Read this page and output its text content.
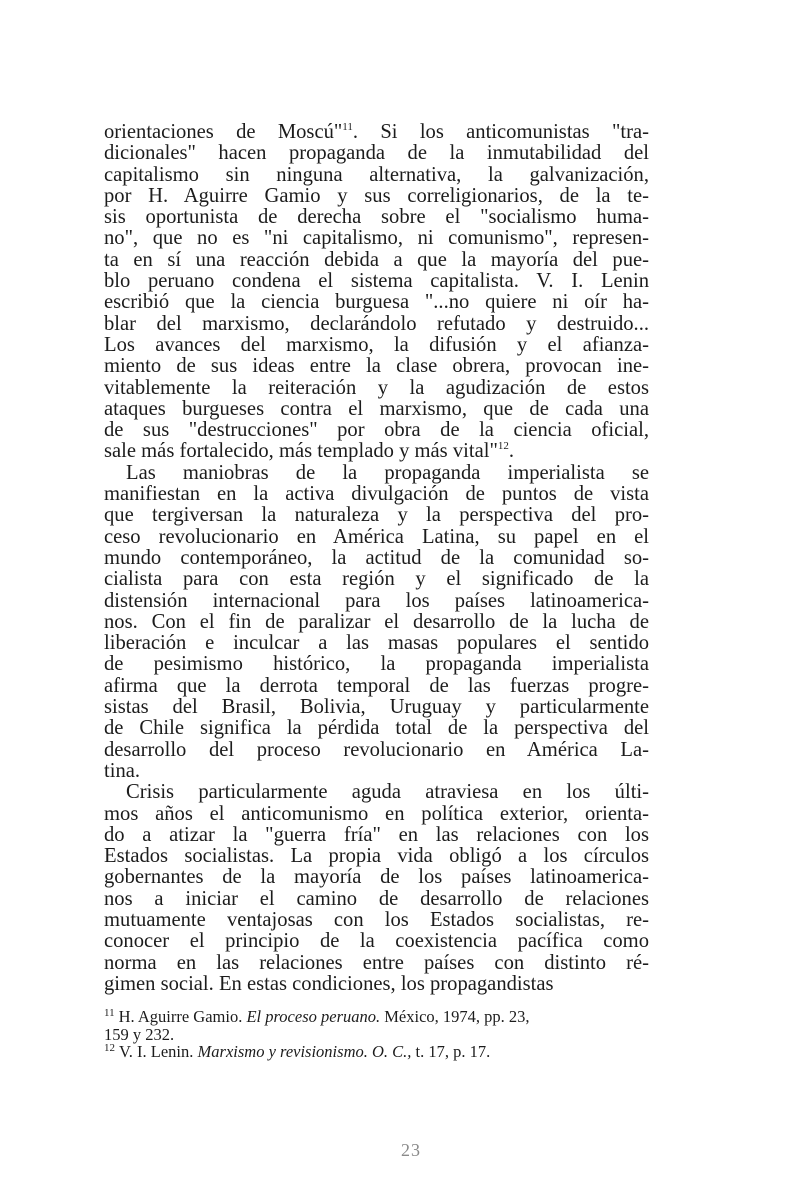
orientaciones de Moscú"$^{11}$. Si los anticomunistas "tra-
dicionales" hacen propaganda de la inmutabilidad del
capitalismo sin ninguna alternativa, la galvanización,
por H. Aguirre Gamio y sus correligionarios, de la te-
sis oportunista de derecha sobre el "socialismo huma-
no", que no es "ni capitalismo, ni comunismo", represen-
ta en sí una reacción debida a que la mayoría del pue-
blo peruano condena el sistema capitalista. V. I. Lenin
escribió que la ciencia burguesa "...no quiere ni oír ha-
blar del marxismo, declarándolo refutado y destruido...
Los avances del marxismo, la difusión y el afianza-
miento de sus ideas entre la clase obrera, provocan ine-
vitablemente la reiteración y la agudización de estos
ataques burgueses contra el marxismo, que de cada una
de sus "destrucciones" por obra de la ciencia oficial,
sale más fortalecido, más templado y más vital"$^{12}$.
Las maniobras de la propaganda imperialista se
manifiestan en la activa divulgación de puntos de vista
que tergiversan la naturaleza y la perspectiva del pro-
ceso revolucionario en América Latina, su papel en el
mundo contemporáneo, la actitud de la comunidad so-
cialista para con esta región y el significado de la
distensión internacional para los países latinoamerica-
nos. Con el fin de paralizar el desarrollo de la lucha de
liberación e inculcar a las masas populares el sentido
de pesimismo histórico, la propaganda imperialista
afirma que la derrota temporal de las fuerzas progre-
sistas del Brasil, Bolivia, Uruguay y particularmente
de Chile significa la pérdida total de la perspectiva del
desarrollo del proceso revolucionario en América La-
tina.
Crisis particularmente aguda atraviesa en los últi-
mos años el anticomunismo en política exterior, orienta-
do a atizar la "guerra fría" en las relaciones con los
Estados socialistas. La propia vida obligó a los círculos
gobernantes de la mayoría de los países latinoamerica-
nos a iniciar el camino de desarrollo de relaciones
mutuamente ventajosas con los Estados socialistas, re-
conocer el principio de la coexistencia pacífica como
norma en las relaciones entre países con distinto ré-
gimen social. En estas condiciones, los propagandistas
$^{11}$ H. Aguirre Gamio. El proceso peruano. México, 1974, pp. 23,
159 y 232.
$^{12}$ V. I. Lenin. Marxismo y revisionismo. O. C., t. 17, p. 17.
23
